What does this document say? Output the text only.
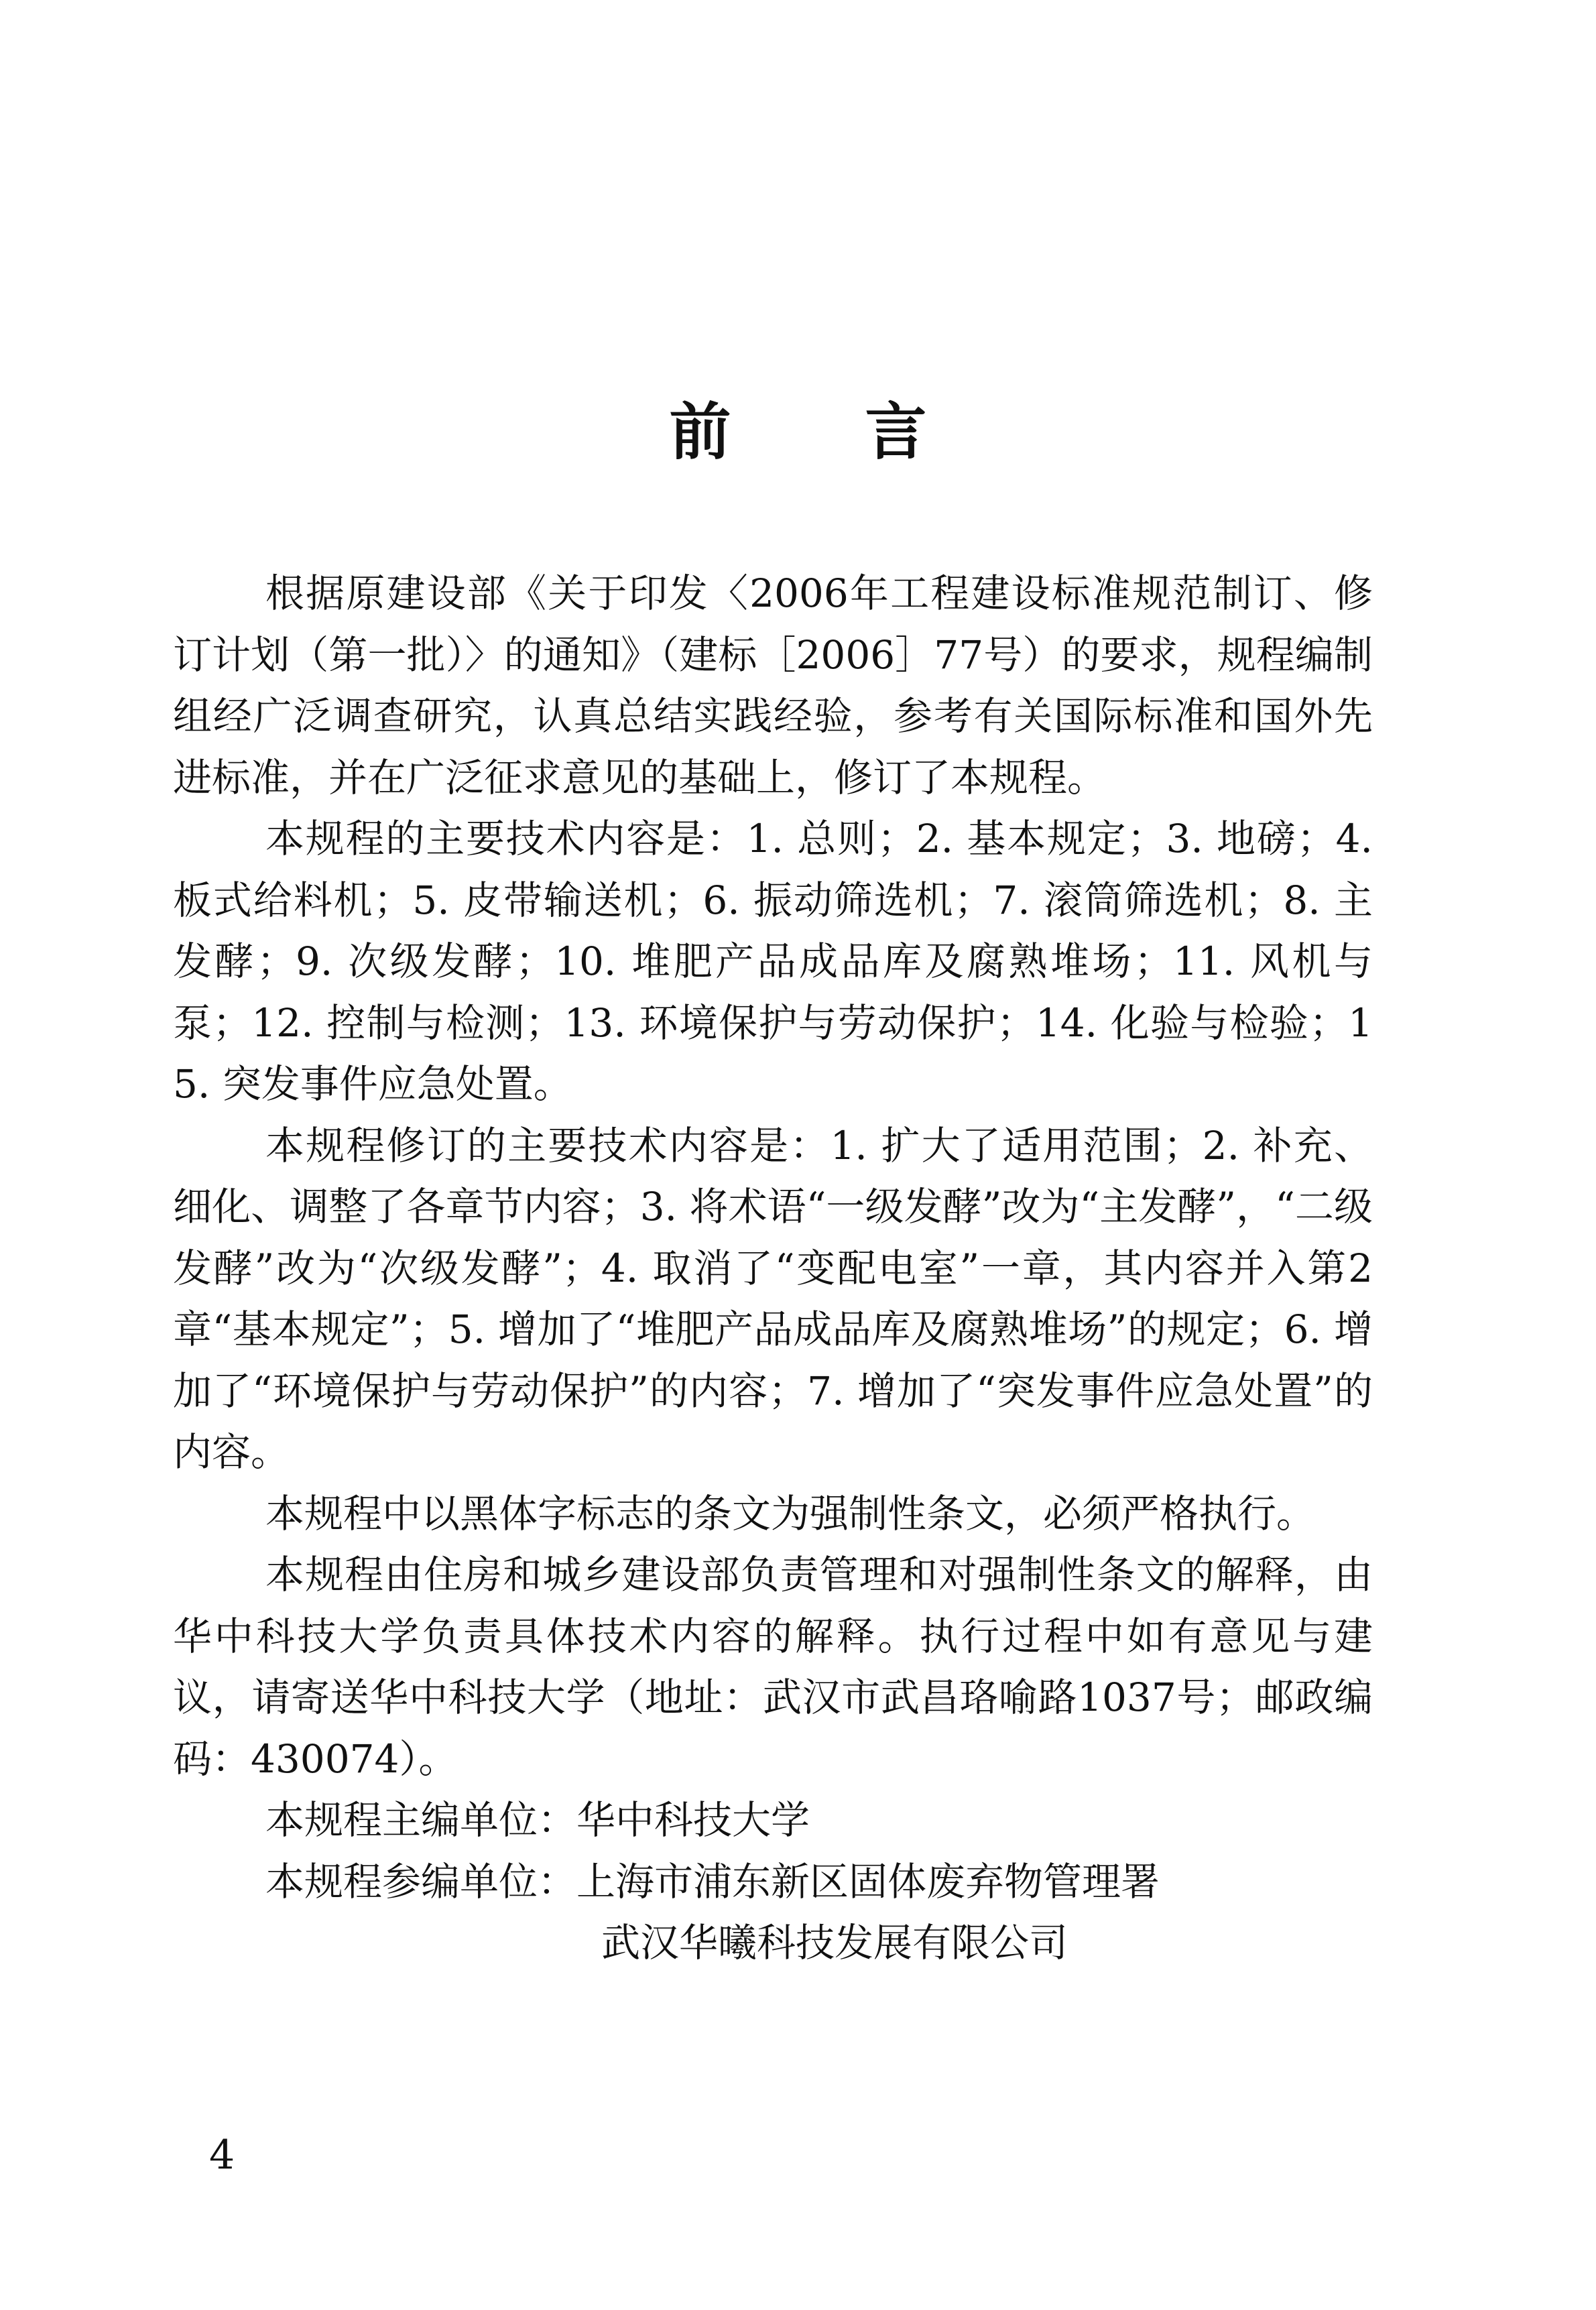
前 言

根据原建设部《关于印发〈2006年工程建设标准规范制订、修订计划（第一批）〉的通知》（建标［2006］77号）的要求，规程编制组经广泛调查研究，认真总结实践经验，参考有关国际标准和国外先进标准，并在广泛征求意见的基础上，修订了本规程。

本规程的主要技术内容是：1. 总则；2. 基本规定；3. 地磅；4. 板式给料机；5. 皮带输送机；6. 振动筛选机；7. 滚筒筛选机；8. 主发酵；9. 次级发酵；10. 堆肥产品成品库及腐熟堆场；11. 风机与泵；12. 控制与检测；13. 环境保护与劳动保护；14. 化验与检验；15. 突发事件应急处置。

本规程修订的主要技术内容是：1. 扩大了适用范围；2. 补充、细化、调整了各章节内容；3. 将术语“一级发酵”改为“主发酵”，“二级发酵”改为“次级发酵”；4. 取消了“变配电室”一章，其内容并入第2章“基本规定”；5. 增加了“堆肥产品成品库及腐熟堆场”的规定；6. 增加了“环境保护与劳动保护”的内容；7. 增加了“突发事件应急处置”的内容。

本规程中以黑体字标志的条文为强制性条文，必须严格执行。

本规程由住房和城乡建设部负责管理和对强制性条文的解释，由华中科技大学负责具体技术内容的解释。执行过程中如有意见与建议，请寄送华中科技大学（地址：武汉市武昌珞喻路1037号；邮政编码：430074）。

本规程主编单位：华中科技大学

本规程参编单位：上海市浦东新区固体废弃物管理署

武汉华曦科技发展有限公司

4
